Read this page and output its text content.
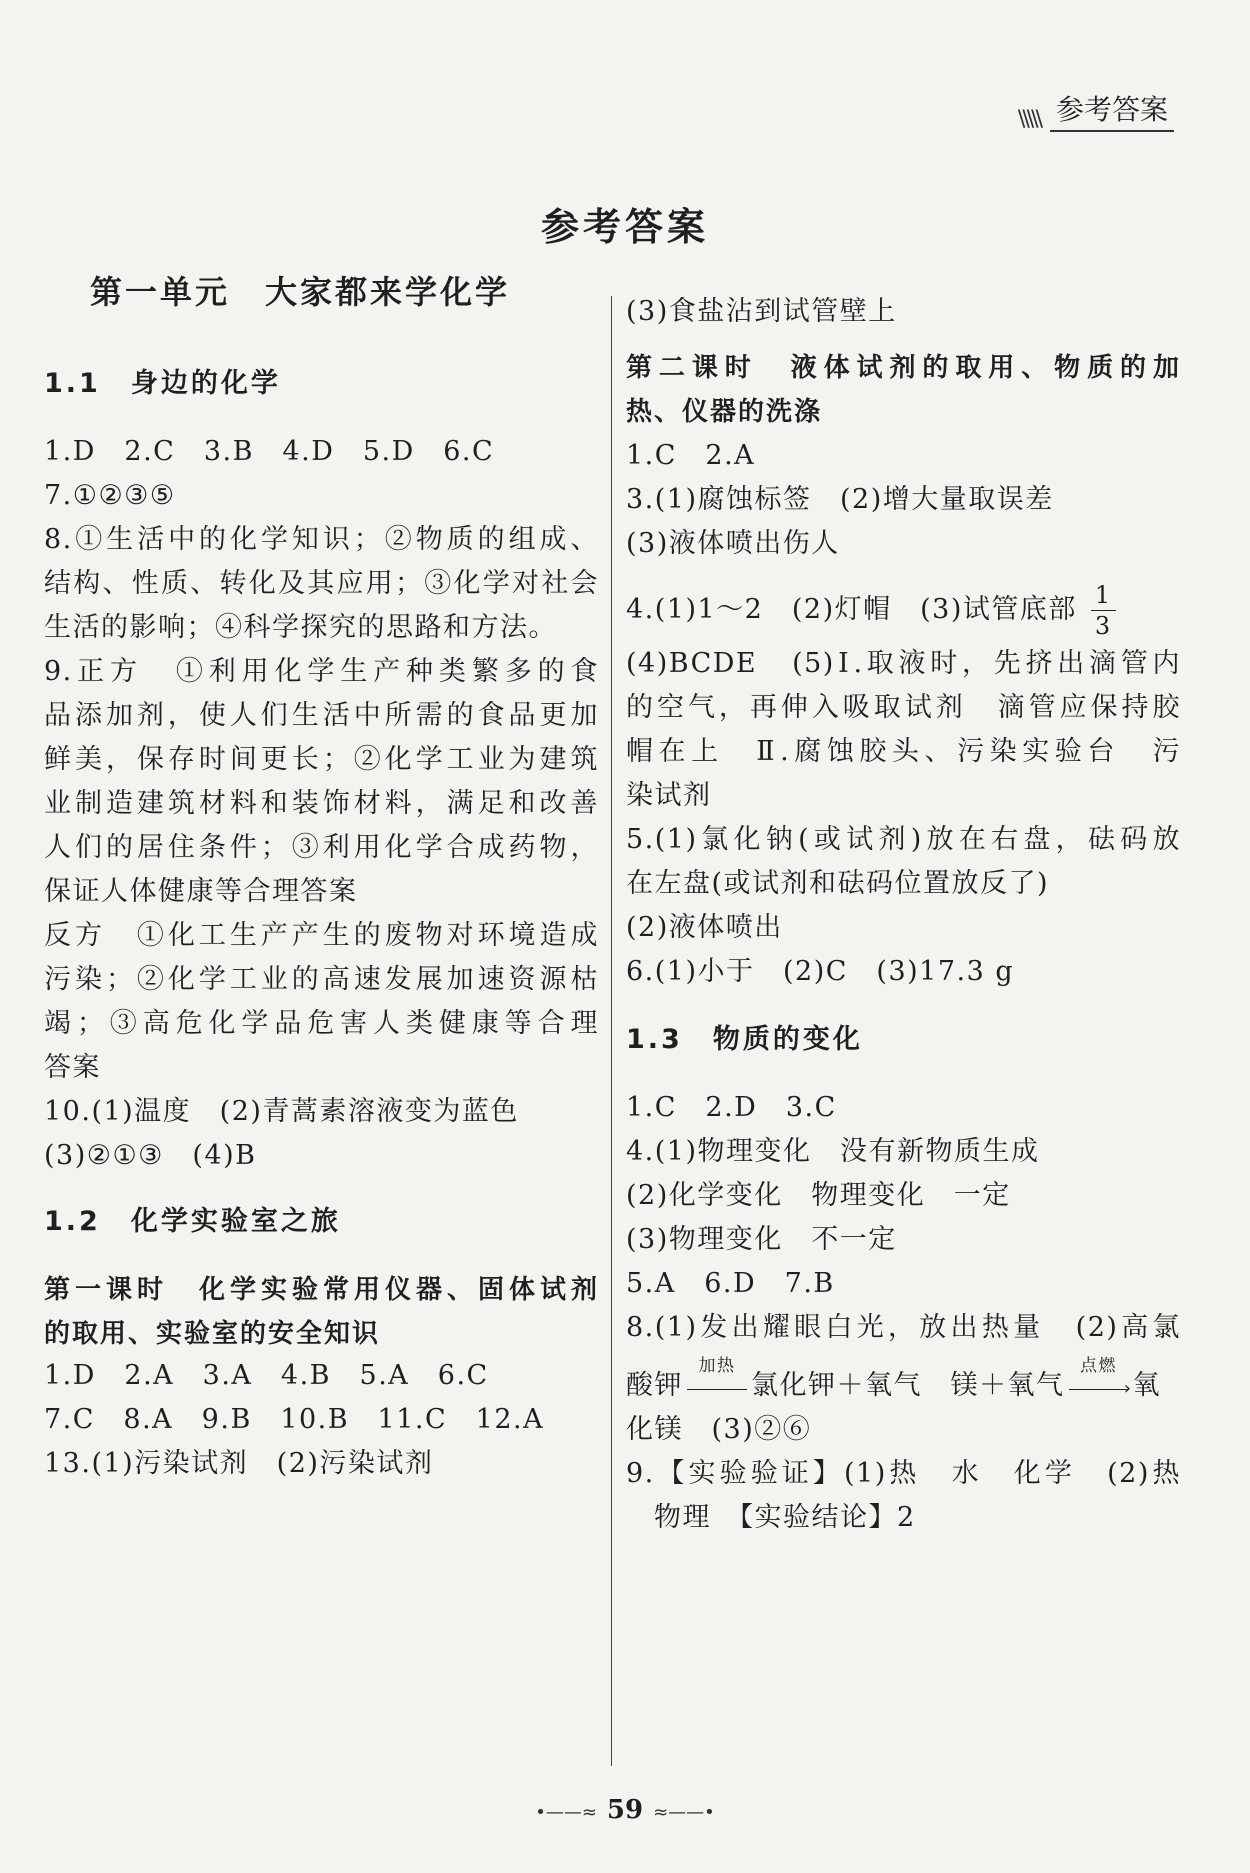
\\\\\ 参考答案
参考答案
第一单元　大家都来学化学
1.1　身边的化学
1.D　2.C　3.B　4.D　5.D　6.C
7.①②③⑤
8.①生活中的化学知识；②物质的组成、
结构、性质、转化及其应用；③化学对社会
生活的影响；④科学探究的思路和方法。
9.正方　①利用化学生产种类繁多的食
品添加剂，使人们生活中所需的食品更加
鲜美，保存时间更长；②化学工业为建筑
业制造建筑材料和装饰材料，满足和改善
人们的居住条件；③利用化学合成药物，
保证人体健康等合理答案
反方　①化工生产产生的废物对环境造成
污染；②化学工业的高速发展加速资源枯
竭；③高危化学品危害人类健康等合理
答案
10.(1)温度　(2)青蒿素溶液变为蓝色
(3)②①③　(4)B
1.2　化学实验室之旅
第一课时　化学实验常用仪器、固体试剂
的取用、实验室的安全知识
1.D　2.A　3.A　4.B　5.A　6.C
7.C　8.A　9.B　10.B　11.C　12.A
13.(1)污染试剂　(2)污染试剂
(3)食盐沾到试管壁上
第二课时　液体试剂的取用、物质的加
热、仪器的洗涤
1.C　2.A
3.(1)腐蚀标签　(2)增大量取误差
(3)液体喷出伤人
4.(1)1～2　(2)灯帽　(3)试管底部 $\frac{1}{3}$
(4)BCDE　(5)Ⅰ.取液时，先挤出滴管内
的空气，再伸入吸取试剂　滴管应保持胶
帽在上　Ⅱ.腐蚀胶头、污染实验台　污
染试剂
5.(1)氯化钠(或试剂)放在右盘，砝码放
在左盘(或试剂和砝码位置放反了)
(2)液体喷出
6.(1)小于　(2)C　(3)17.3 g
1.3　物质的变化
1.C　2.D　3.C
4.(1)物理变化　没有新物质生成
(2)化学变化　物理变化　一定
(3)物理变化　不一定
5.A　6.D　7.B
8.(1)发出耀眼白光，放出热量　(2)高氯
酸钾
加热
氯化钾＋氧气　镁＋氧气
点燃
› 氧
化镁　(3)②⑥
9.【实验验证】(1)热　水　化学　(2)热
物理　【实验结论】2
•——≈ 59 ≈——•
